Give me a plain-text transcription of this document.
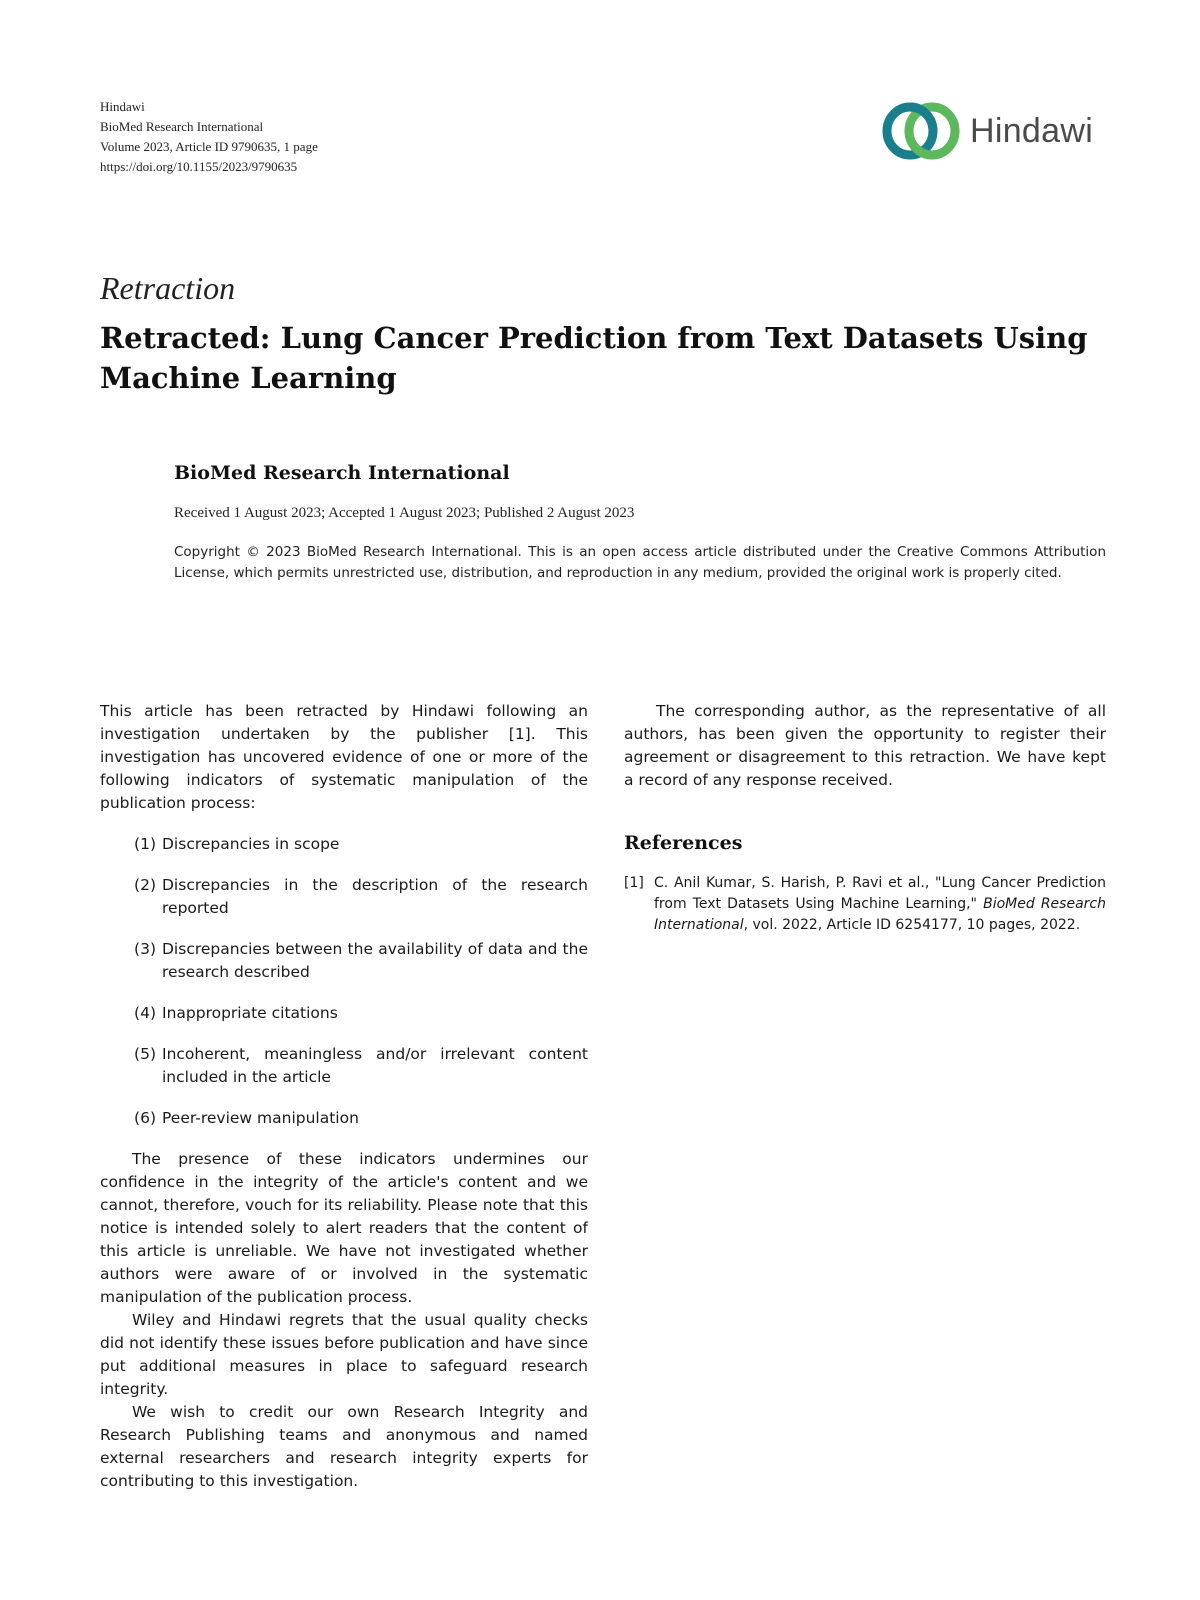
Hindawi
BioMed Research International
Volume 2023, Article ID 9790635, 1 page
https://doi.org/10.1155/2023/9790635
Hindawi
Retraction
Retracted: Lung Cancer Prediction from Text Datasets Using Machine Learning
BioMed Research International
Received 1 August 2023; Accepted 1 August 2023; Published 2 August 2023

Copyright © 2023 BioMed Research International. This is an open access article distributed under the Creative Commons Attribution License, which permits unrestricted use, distribution, and reproduction in any medium, provided the original work is properly cited.

This article has been retracted by Hindawi following an investigation undertaken by the publisher [1]. This investigation has uncovered evidence of one or more of the following indicators of systematic manipulation of the publication process:

(1) Discrepancies in scope
(2) Discrepancies in the description of the research reported
(3) Discrepancies between the availability of data and the research described
(4) Inappropriate citations
(5) Incoherent, meaningless and/or irrelevant content included in the article
(6) Peer-review manipulation

The presence of these indicators undermines our confidence in the integrity of the article's content and we cannot, therefore, vouch for its reliability. Please note that this notice is intended solely to alert readers that the content of this article is unreliable. We have not investigated whether authors were aware of or involved in the systematic manipulation of the publication process.

Wiley and Hindawi regrets that the usual quality checks did not identify these issues before publication and have since put additional measures in place to safeguard research integrity.

We wish to credit our own Research Integrity and Research Publishing teams and anonymous and named external researchers and research integrity experts for contributing to this investigation.

The corresponding author, as the representative of all authors, has been given the opportunity to register their agreement or disagreement to this retraction. We have kept a record of any response received.

References
[1] C. Anil Kumar, S. Harish, P. Ravi et al., "Lung Cancer Prediction from Text Datasets Using Machine Learning," BioMed Research International, vol. 2022, Article ID 6254177, 10 pages, 2022.
